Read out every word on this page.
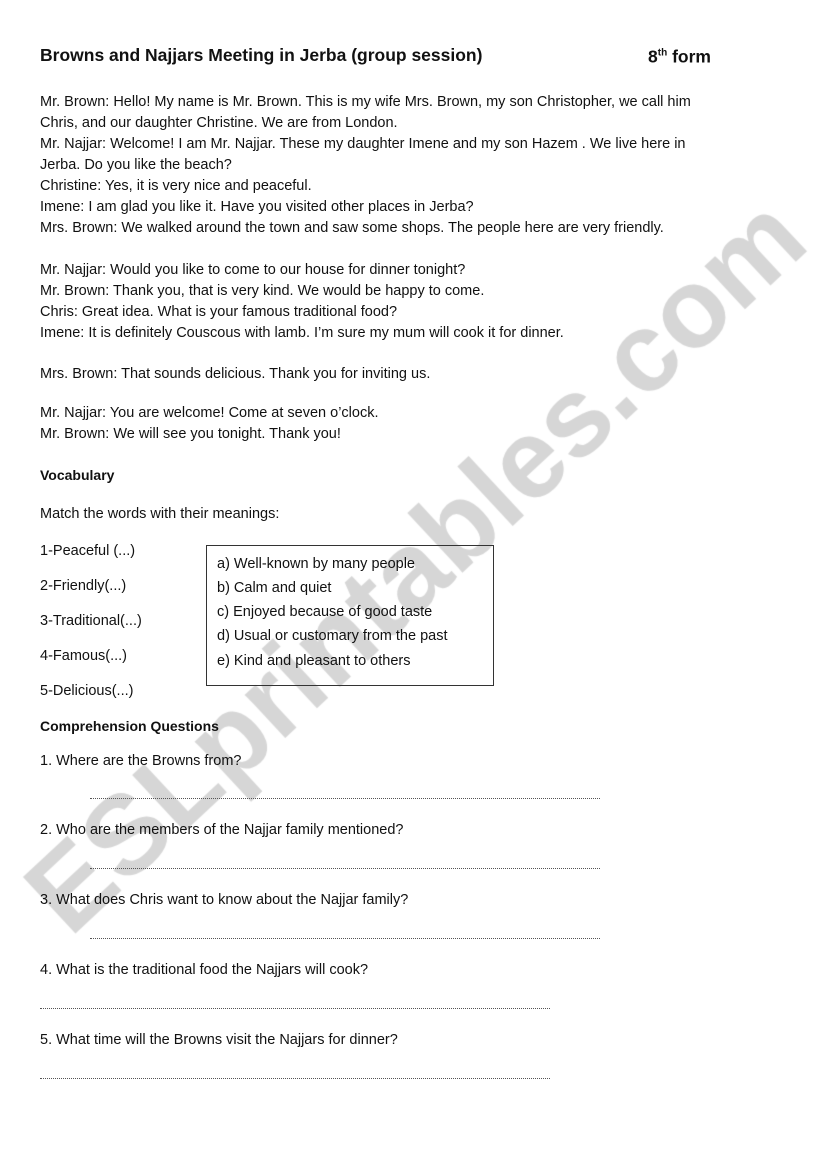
Browns and Najjars Meeting in Jerba (group session)	8th form
Mr. Brown: Hello! My name is Mr. Brown. This is my wife Mrs. Brown, my son Christopher, we call him
Chris, and our daughter Christine. We are from London.
Mr. Najjar: Welcome! I am Mr. Najjar. These my daughter Imene and my son Hazem . We live here in
Jerba. Do you like the beach?
Christine: Yes, it is very nice and peaceful.
Imene: I am glad you like it. Have you visited other places in Jerba?
Mrs. Brown: We walked around the town and saw some shops. The people here are very friendly.
Mr. Najjar: Would you like to come to our house for dinner tonight?
Mr. Brown: Thank you, that is very kind. We would be happy to come.
Chris: Great idea. What is your famous traditional food?
Imene: It is definitely Couscous with lamb. I’m sure my mum will cook it for dinner.
Mrs. Brown: That sounds delicious. Thank you for inviting us.
Mr. Najjar: You are welcome! Come at seven o’clock.
Mr. Brown: We will see you tonight. Thank you!
Vocabulary
Match the words with their meanings:
1-Peaceful (...)
2-Friendly(...)
3-Traditional(...)
4-Famous(...)
5-Delicious(...)
a) Well-known by many people
b) Calm and quiet
c) Enjoyed because of good taste
d) Usual or customary from the past
e) Kind and pleasant to others
Comprehension Questions
1. Where are the Browns from?
2. Who are the members of the Najjar family mentioned?
3. What does Chris want to know about the Najjar family?
4. What is the traditional food the Najjars will cook?
5. What time will the Browns visit the Najjars for dinner?
